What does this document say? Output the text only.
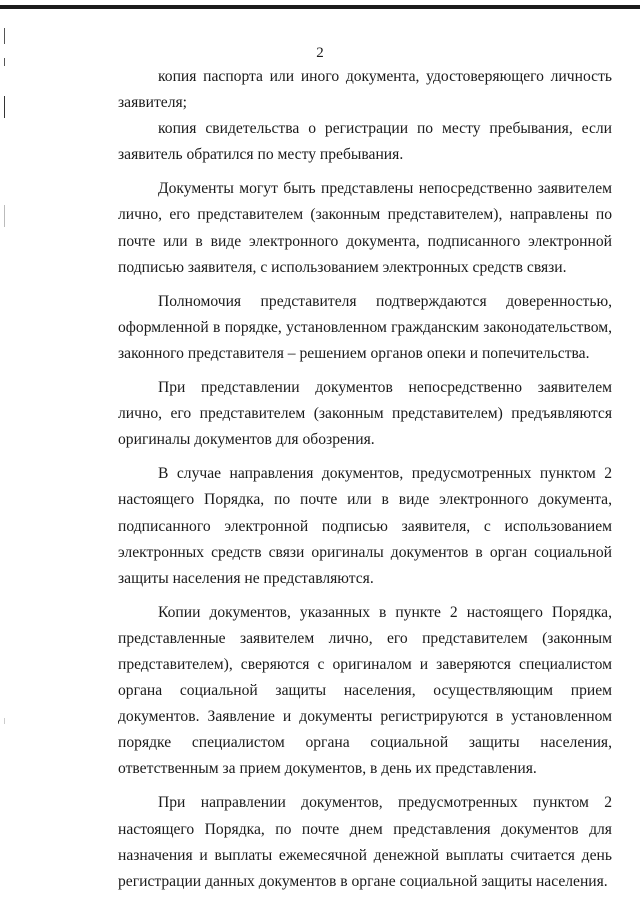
2

копия паспорта или иного документа, удостоверяющего личность заявителя;

копия свидетельства о регистрации по месту пребывания, если заявитель обратился по месту пребывания.

Документы могут быть представлены непосредственно заявителем лично, его представителем (законным представителем), направлены по почте или в виде электронного документа, подписанного электронной подписью заявителя, с использованием электронных средств связи.

Полномочия представителя подтверждаются доверенностью, оформленной в порядке, установленном гражданским законодательством, законного представителя – решением органов опеки и попечительства.

При представлении документов непосредственно заявителем лично, его представителем (законным представителем) предъявляются оригиналы документов для обозрения.

В случае направления документов, предусмотренных пунктом 2 настоящего Порядка, по почте или в виде электронного документа, подписанного электронной подписью заявителя, с использованием электронных средств связи оригиналы документов в орган социальной защиты населения не представляются.

Копии документов, указанных в пункте 2 настоящего Порядка, представленные заявителем лично, его представителем (законным представителем), сверяются с оригиналом и заверяются специалистом органа социальной защиты населения, осуществляющим прием документов. Заявление и документы регистрируются в установленном порядке специалистом органа социальной защиты населения, ответственным за прием документов, в день их представления.

При направлении документов, предусмотренных пунктом 2 настоящего Порядка, по почте днем представления документов для назначения и выплаты ежемесячной денежной выплаты считается день регистрации данных документов в органе социальной защиты населения.
